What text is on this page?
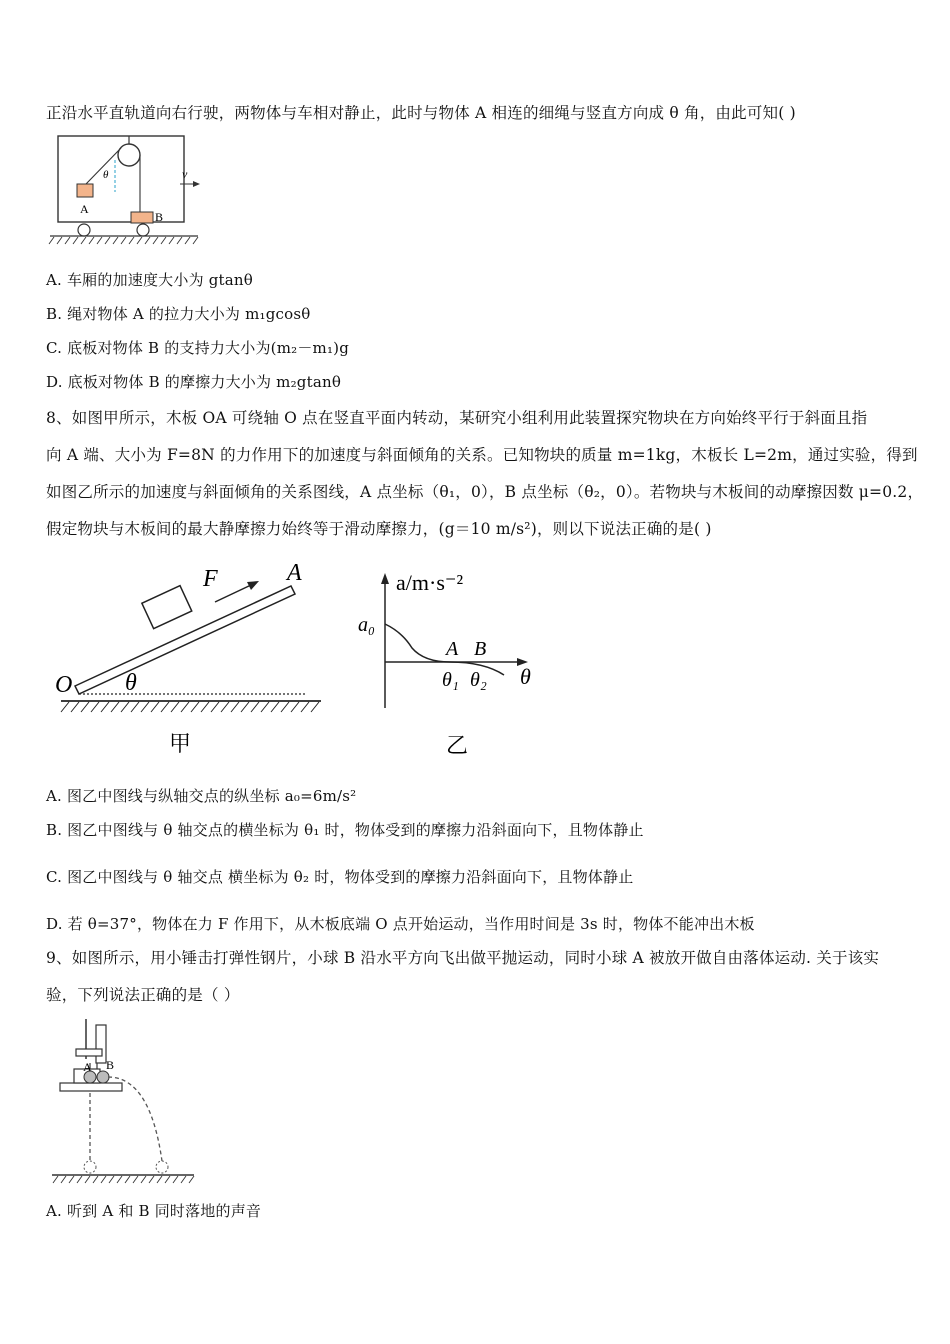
正沿水平直轨道向右行驶，两物体与车相对静止，此时与物体 A 相连的细绳与竖直方向成 θ 角，由此可知( )
θ
A
B
v
A. 车厢的加速度大小为 gtanθ
B. 绳对物体 A 的拉力大小为 m₁gcosθ
C. 底板对物体 B 的支持力大小为(m₂－m₁)g
D. 底板对物体 B 的摩擦力大小为 m₂gtanθ
8、如图甲所示，木板 OA 可绕轴 O 点在竖直平面内转动，某研究小组利用此装置探究物块在方向始终平行于斜面且指
向 A 端、大小为 F=8N 的力作用下的加速度与斜面倾角的关系。已知物块的质量 m=1kg，木板长 L=2m，通过实验，得到
如图乙所示的加速度与斜面倾角的关系图线，A 点坐标（θ₁，0），B 点坐标（θ₂，0）。若物块与木板间的动摩擦因数 μ=0.2，
假定物块与木板间的最大静摩擦力始终等于滑动摩擦力，(g＝10 m/s²)，则以下说法正确的是( )
F	A
O θ
甲
a/m·s⁻²
a₀
A B
θ₁ θ₂ θ
乙
A. 图乙中图线与纵轴交点的纵坐标 a₀=6m/s²
B. 图乙中图线与 θ 轴交点的横坐标为 θ₁ 时，物体受到的摩擦力沿斜面向下，且物体静止
C. 图乙中图线与 θ 轴交点 横坐标为 θ₂ 时，物体受到的摩擦力沿斜面向下，且物体静止
D. 若 θ=37°，物体在力 F 作用下，从木板底端 O 点开始运动，当作用时间是 3s 时，物体不能冲出木板
9、如图所示，用小锤击打弹性钢片，小球 B 沿水平方向飞出做平抛运动，同时小球 A 被放开做自由落体运动. 关于该实
验，下列说法正确的是（ ）
A B
A. 听到 A 和 B 同时落地的声音
